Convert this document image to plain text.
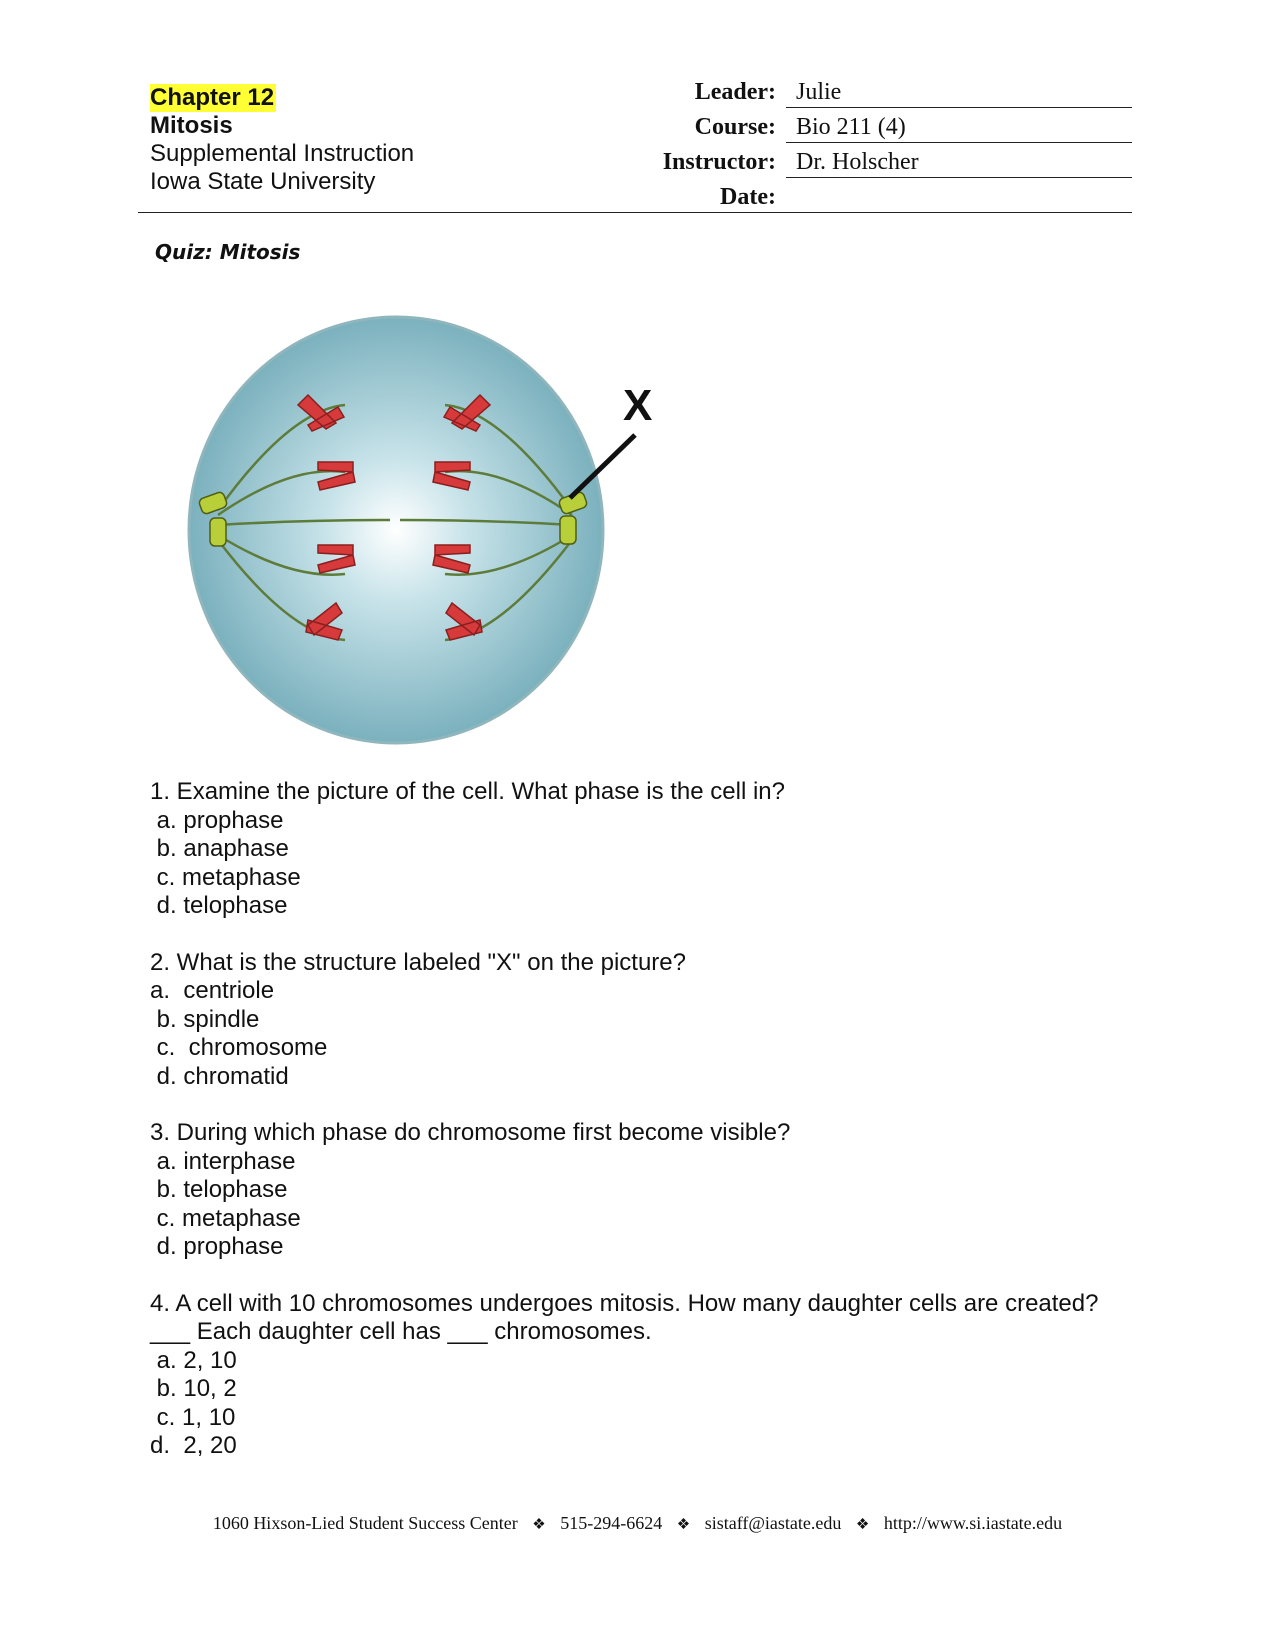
Chapter 12
Mitosis
Supplemental Instruction
Iowa State University
Leader: Julie
Course: Bio 211 (4)
Instructor: Dr. Holscher
Date:
Quiz: Mitosis
X

1. Examine the picture of the cell. What phase is the cell in?

a. prophase

b. anaphase

c. metaphase

d. telophase

2. What is the structure labeled "X" on the picture?

a.  centriole

b. spindle

c.  chromosome

d. chromatid

3. During which phase do chromosome first become visible?

a. interphase

b. telophase

c. metaphase

d. prophase

4. A cell with 10 chromosomes undergoes mitosis. How many daughter cells are created? ___ Each daughter cell has ___ chromosomes.

a. 2, 10

b. 10, 2

c. 1, 10

d.  2, 20

1060 Hixson-Lied Student Success Center ❖ 515-294-6624 ❖ sistaff@iastate.edu ❖ http://www.si.iastate.edu
